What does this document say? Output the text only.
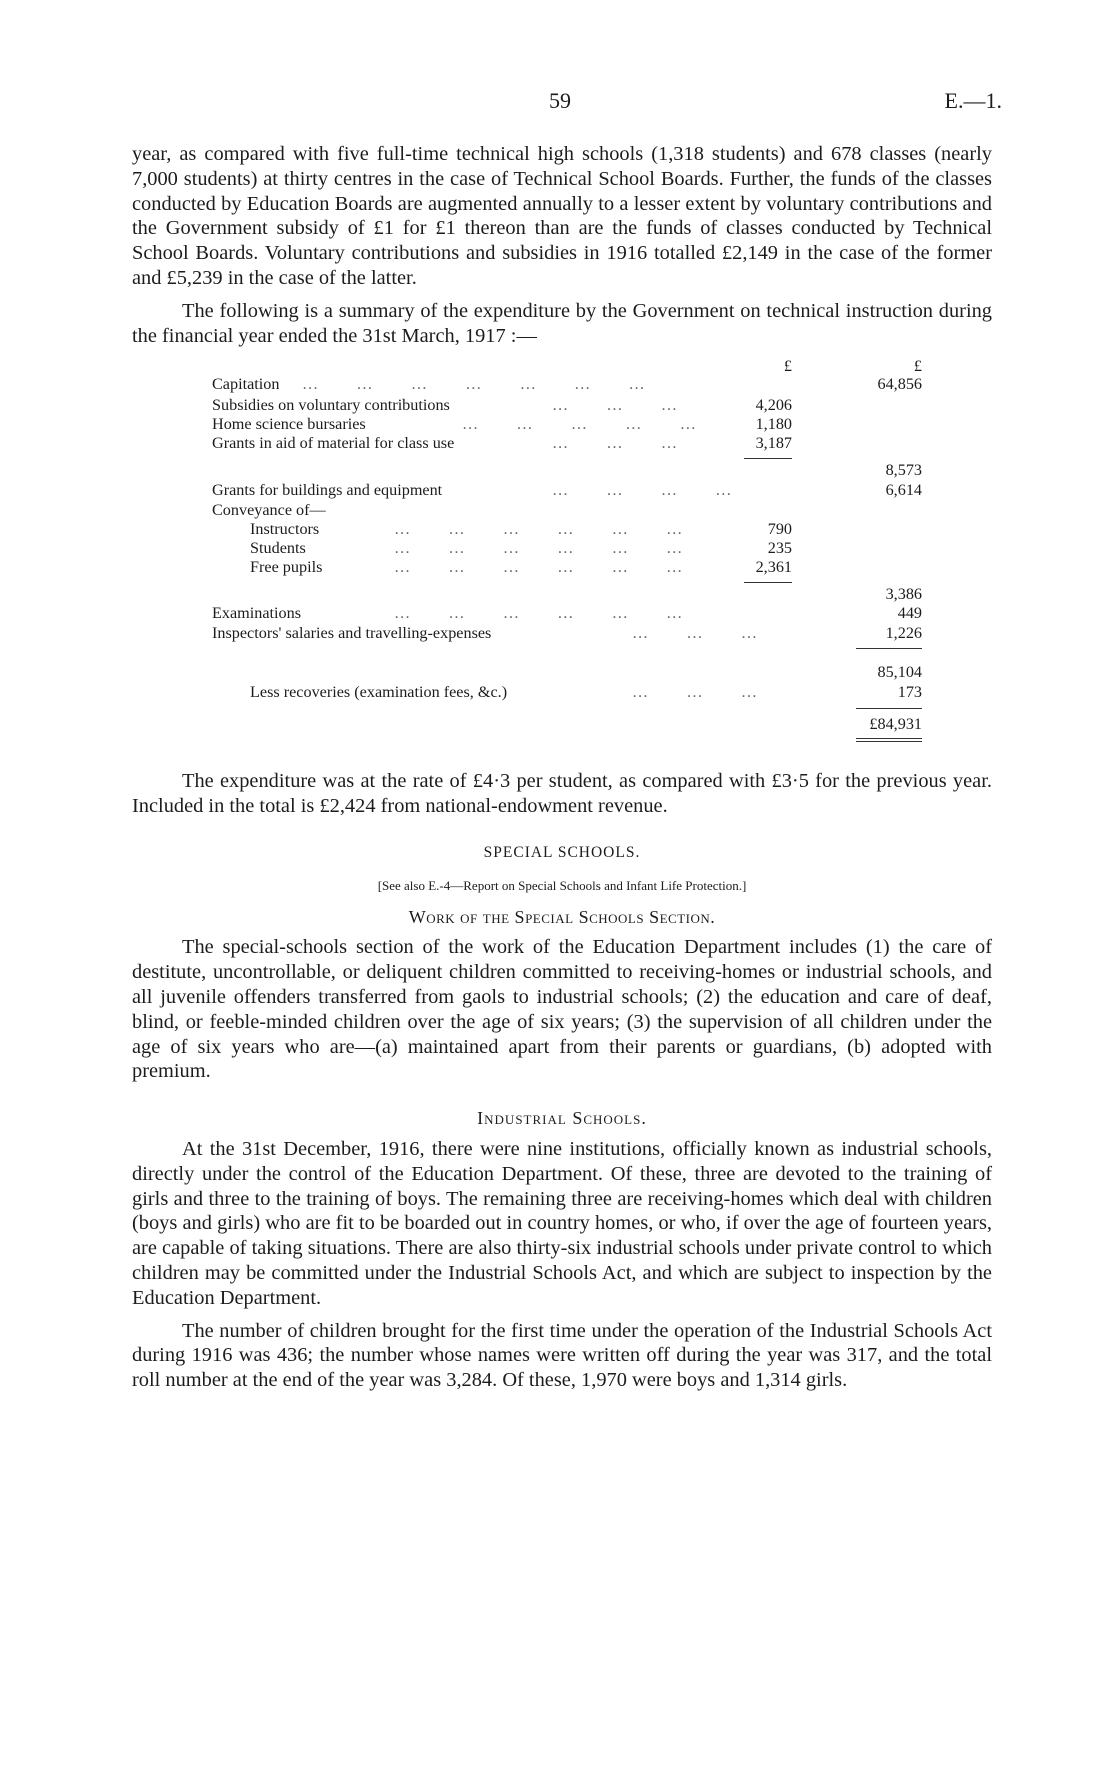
59	E.—1.

year, as compared with five full-time technical high schools (1,318 students) and 678 classes (nearly 7,000 students) at thirty centres in the case of Technical School Boards. Further, the funds of the classes conducted by Education Boards are augmented annually to a lesser extent by voluntary contributions and the Government subsidy of £1 for £1 thereon than are the funds of classes conducted by Technical School Boards. Voluntary contributions and subsidies in 1916 totalled £2,149 in the case of the former and £5,239 in the case of the latter.

The following is a summary of the expenditure by the Government on technical instruction during the financial year ended the 31st March, 1917 :—

£	£
Capitation …     …     …     …     …     …     …	64,856
Subsidies on voluntary contributions	…     …     …	4,206
Home science bursaries	…     …     …     …     …	1,180
Grants in aid of material for class use	…     …     …	3,187
8,573
Grants for buildings and equipment	…     …     …     …	6,614
Conveyance of—
Instructors	…     …     …     …     …     …	790
Students	…     …     …     …     …     …	235
Free pupils	…     …     …     …     …     …	2,361
3,386
Examinations	…     …     …     …     …     …	449
Inspectors' salaries and travelling-expenses	…     …     …	1,226
85,104
Less recoveries (examination fees, &c.)	…     …     …	173
£84,931

The expenditure was at the rate of £4·3 per student, as compared with £3·5 for the previous year. Included in the total is £2,424 from national-endowment revenue.

SPECIAL SCHOOLS.
[See also E.-4—Report on Special Schools and Infant Life Protection.]
Work of the Special Schools Section.

The special-schools section of the work of the Education Department includes (1) the care of destitute, uncontrollable, or deliquent children committed to receiving-homes or industrial schools, and all juvenile offenders transferred from gaols to industrial schools; (2) the education and care of deaf, blind, or feeble-minded children over the age of six years; (3) the supervision of all children under the age of six years who are—(a) maintained apart from their parents or guardians, (b) adopted with premium.

Industrial Schools.

At the 31st December, 1916, there were nine institutions, officially known as industrial schools, directly under the control of the Education Department. Of these, three are devoted to the training of girls and three to the training of boys. The remaining three are receiving-homes which deal with children (boys and girls) who are fit to be boarded out in country homes, or who, if over the age of fourteen years, are capable of taking situations. There are also thirty-six industrial schools under private control to which children may be committed under the Industrial Schools Act, and which are subject to inspection by the Education Department.

The number of children brought for the first time under the operation of the Industrial Schools Act during 1916 was 436; the number whose names were written off during the year was 317, and the total roll number at the end of the year was 3,284. Of these, 1,970 were boys and 1,314 girls.
